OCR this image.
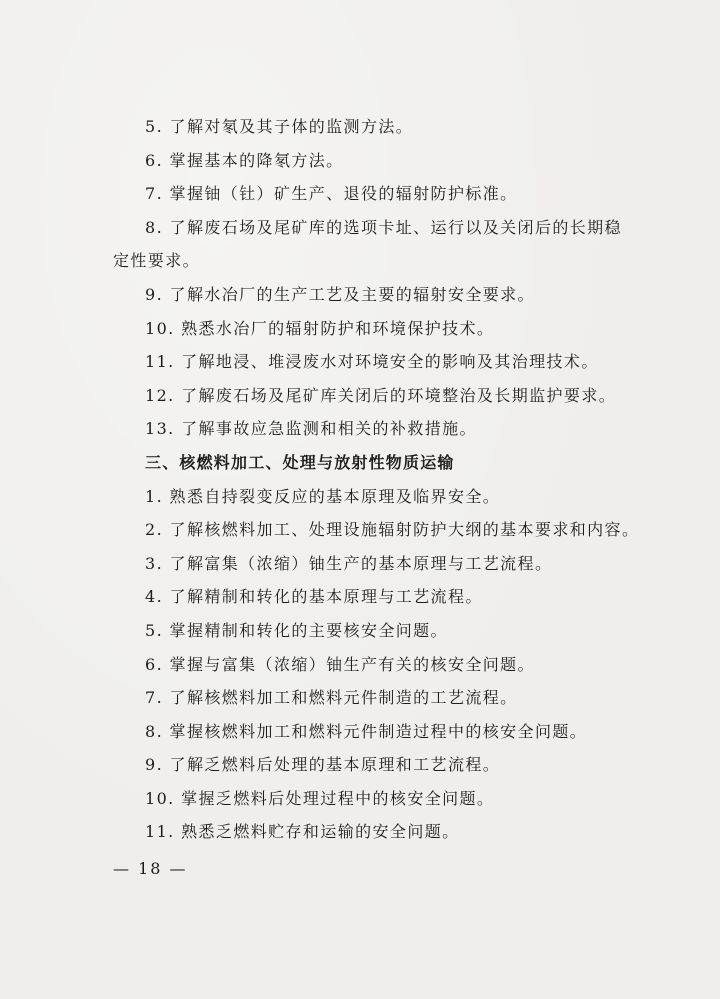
5. 了解对氡及其子体的监测方法。
6. 掌握基本的降氡方法。
7. 掌握铀（钍）矿生产、退役的辐射防护标准。
8. 了解废石场及尾矿库的选项卡址、运行以及关闭后的长期稳
定性要求。
9. 了解水冶厂的生产工艺及主要的辐射安全要求。
10. 熟悉水冶厂的辐射防护和环境保护技术。
11. 了解地浸、堆浸废水对环境安全的影响及其治理技术。
12. 了解废石场及尾矿库关闭后的环境整治及长期监护要求。
13. 了解事故应急监测和相关的补救措施。
三、核燃料加工、处理与放射性物质运输
1. 熟悉自持裂变反应的基本原理及临界安全。
2. 了解核燃料加工、处理设施辐射防护大纲的基本要求和内容。
3. 了解富集（浓缩）铀生产的基本原理与工艺流程。
4. 了解精制和转化的基本原理与工艺流程。
5. 掌握精制和转化的主要核安全问题。
6. 掌握与富集（浓缩）铀生产有关的核安全问题。
7. 了解核燃料加工和燃料元件制造的工艺流程。
8. 掌握核燃料加工和燃料元件制造过程中的核安全问题。
9. 了解乏燃料后处理的基本原理和工艺流程。
10. 掌握乏燃料后处理过程中的核安全问题。
11. 熟悉乏燃料贮存和运输的安全问题。
— 18 —
